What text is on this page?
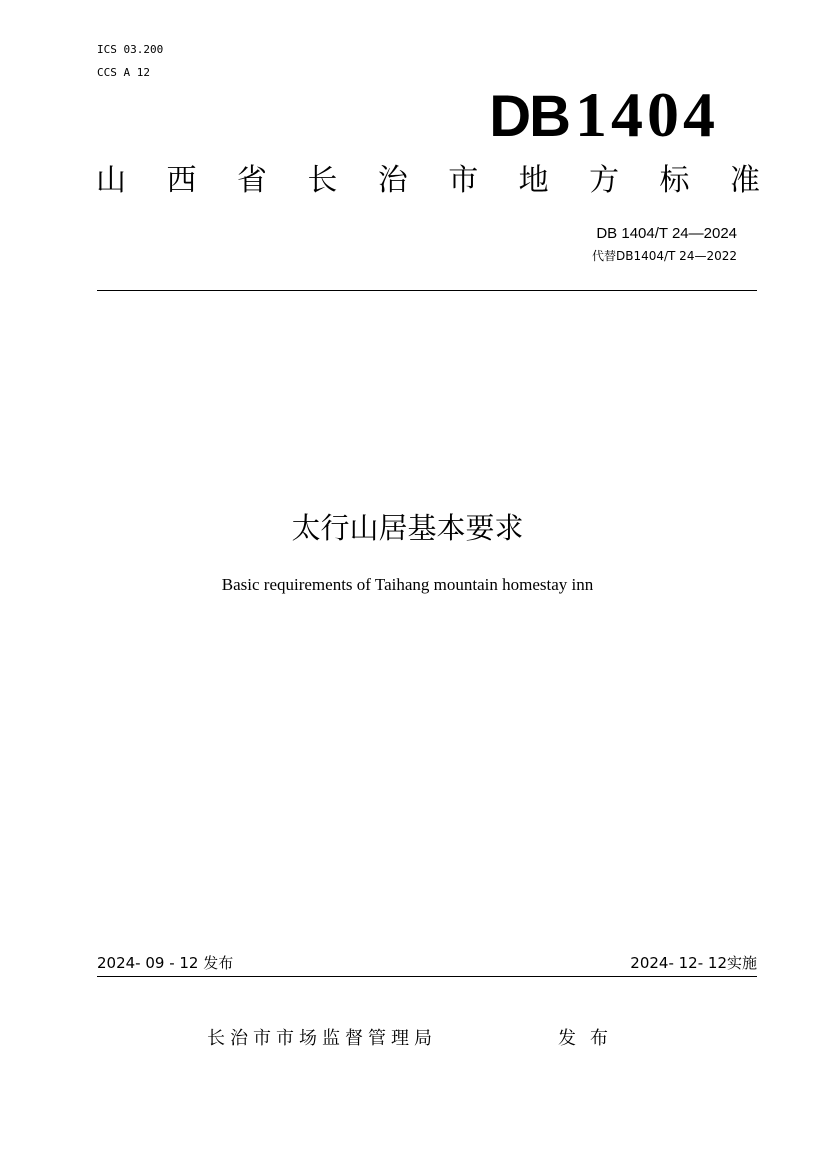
ICS 03.200
CCS A 12
DB1404
山 西 省 长 治 市 地 方 标 准
DB 1404/T 24—2024
代替DB1404/T 24—2022
太行山居基本要求
Basic requirements of Taihang mountain homestay inn
2024- 09 - 12 发布	2024- 12- 12实施
长治市市场监督管理局	发布
